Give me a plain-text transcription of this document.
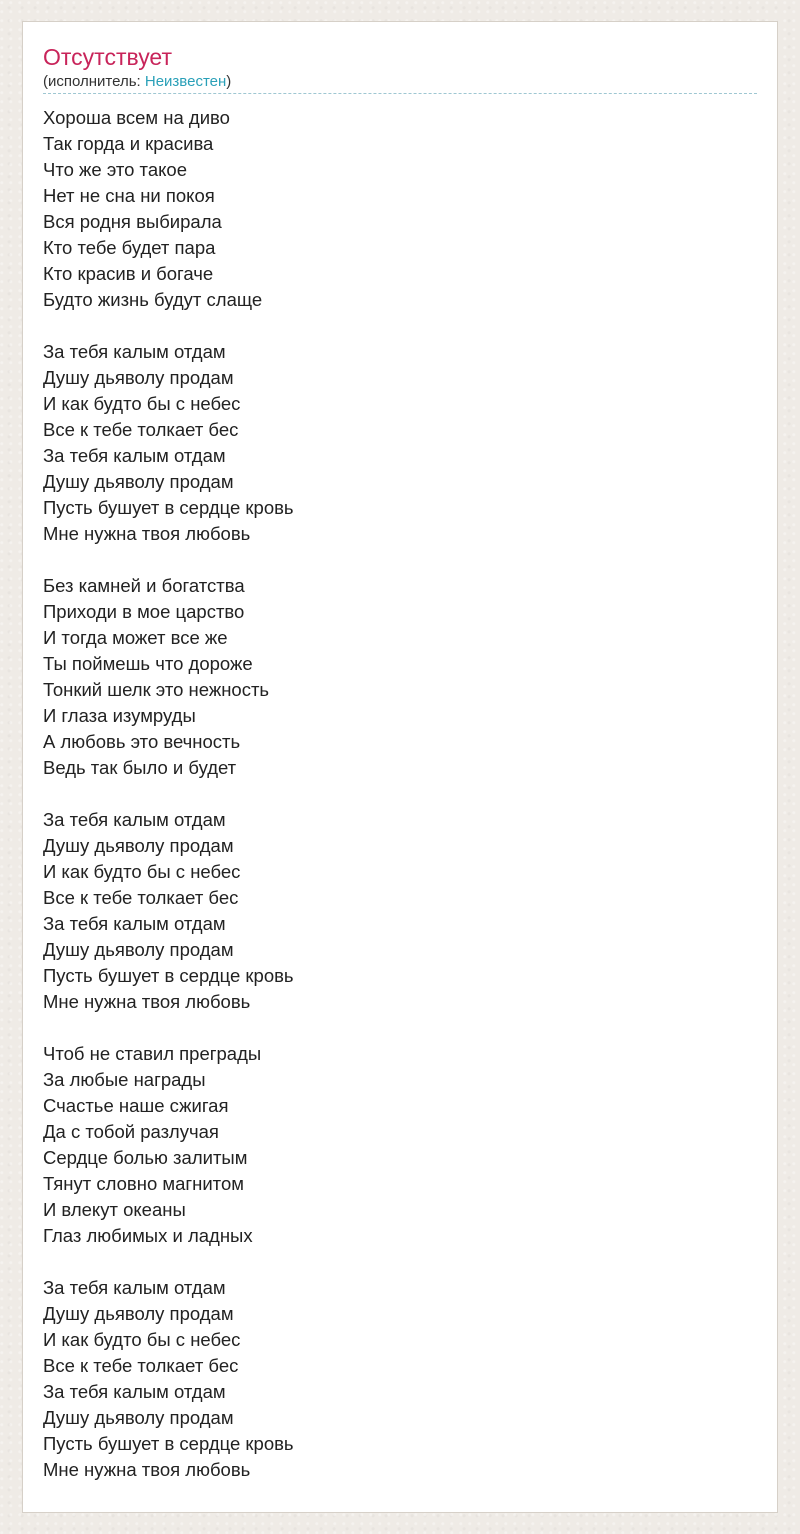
Отсутствует
(исполнитель: Неизвестен)
Хороша всем на диво
Так горда и красива
Что же это такое
Нет не сна ни покоя
Вся родня выбирала
Кто тебе будет пара
Кто красив и богаче
Будто жизнь будут слаще
За тебя калым отдам
Душу дьяволу продам
И как будто бы с небес
Все к тебе толкает бес
За тебя калым отдам
Душу дьяволу продам
Пусть бушует в сердце кровь
Мне нужна твоя любовь
Без камней и богатства
Приходи в мое царство
И тогда может все же
Ты поймешь что дороже
Тонкий шелк это нежность
И глаза изумруды
А любовь это вечность
Ведь так было и будет
За тебя калым отдам
Душу дьяволу продам
И как будто бы с небес
Все к тебе толкает бес
За тебя калым отдам
Душу дьяволу продам
Пусть бушует в сердце кровь
Мне нужна твоя любовь
Чтоб не ставил преграды
За любые награды
Счастье наше сжигая
Да с тобой разлучая
Сердце болью залитым
Тянут словно магнитом
И влекут океаны
Глаз любимых и ладных
За тебя калым отдам
Душу дьяволу продам
И как будто бы с небес
Все к тебе толкает бес
За тебя калым отдам
Душу дьяволу продам
Пусть бушует в сердце кровь
Мне нужна твоя любовь
